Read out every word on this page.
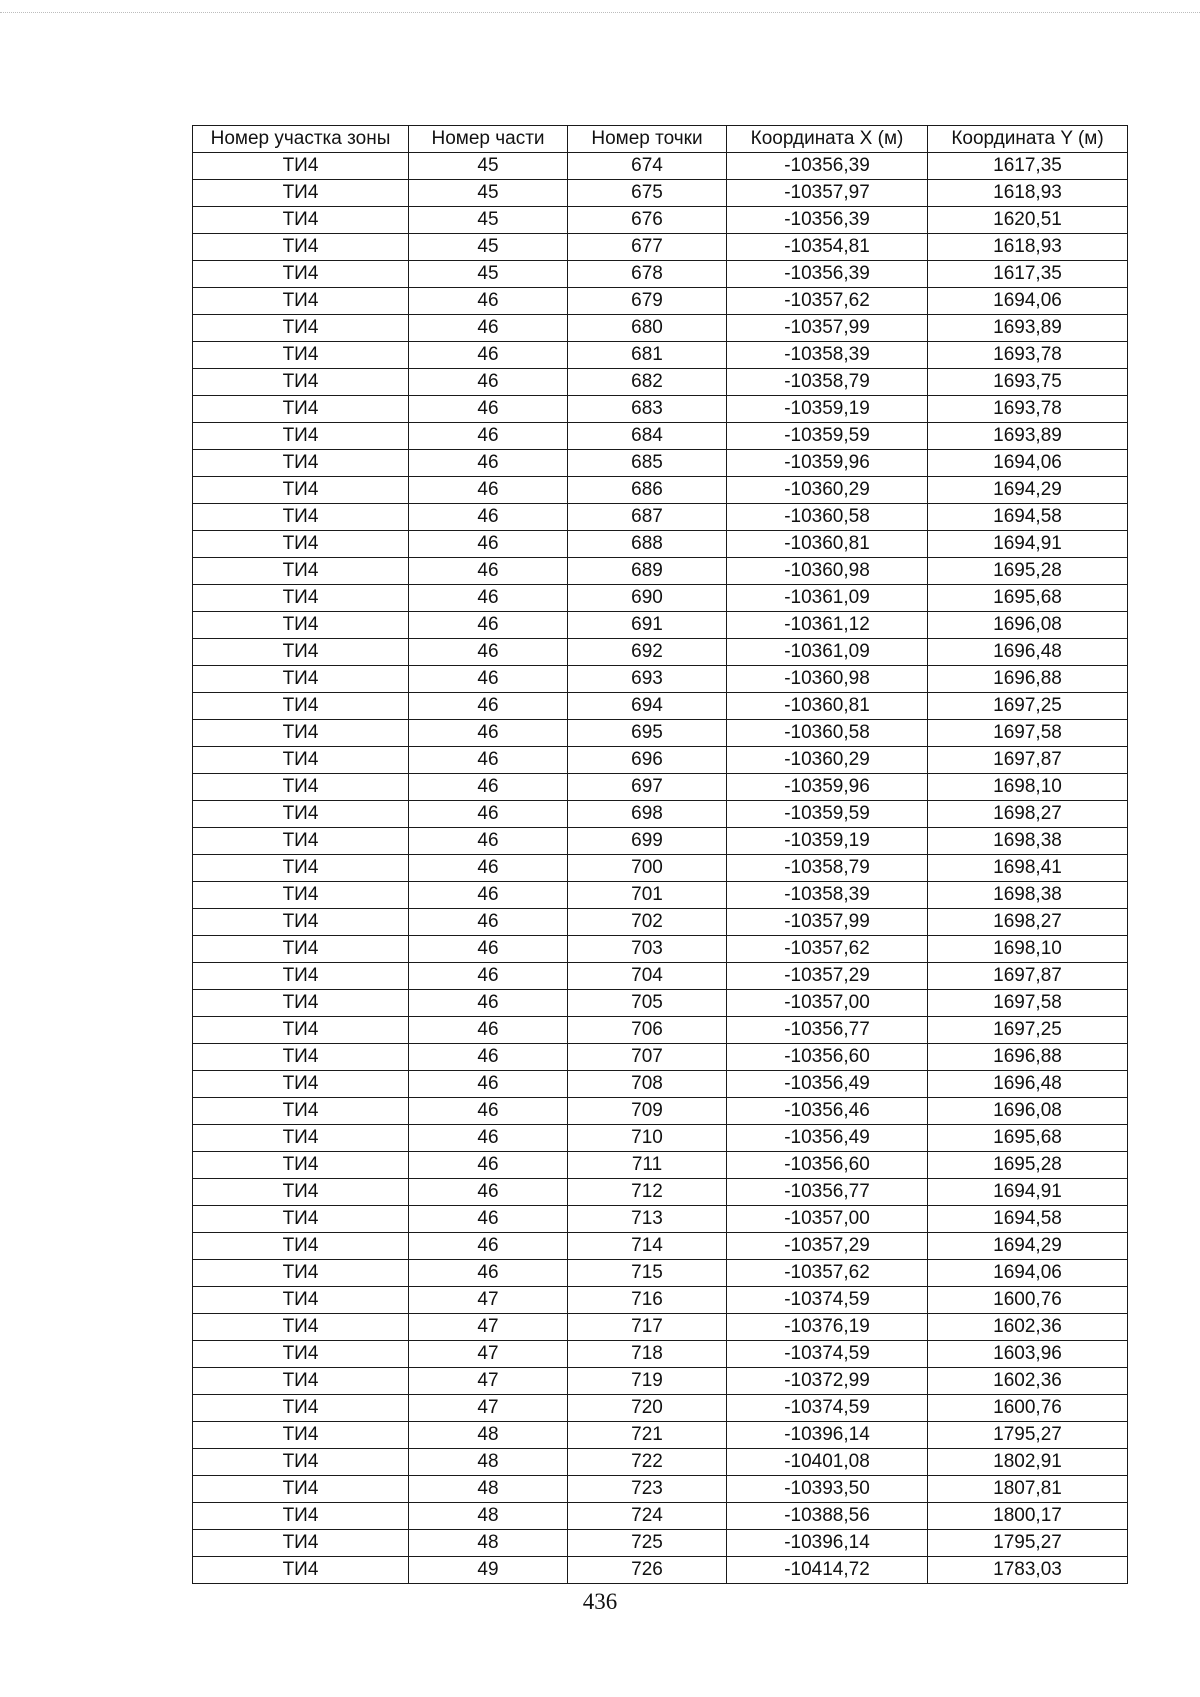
Номер участка зоны	Номер части	Номер точки	Координата X (м)	Координата Y (м)
ТИ4	45	674	-10356,39	1617,35
ТИ4	45	675	-10357,97	1618,93
ТИ4	45	676	-10356,39	1620,51
ТИ4	45	677	-10354,81	1618,93
ТИ4	45	678	-10356,39	1617,35
ТИ4	46	679	-10357,62	1694,06
ТИ4	46	680	-10357,99	1693,89
ТИ4	46	681	-10358,39	1693,78
ТИ4	46	682	-10358,79	1693,75
ТИ4	46	683	-10359,19	1693,78
ТИ4	46	684	-10359,59	1693,89
ТИ4	46	685	-10359,96	1694,06
ТИ4	46	686	-10360,29	1694,29
ТИ4	46	687	-10360,58	1694,58
ТИ4	46	688	-10360,81	1694,91
ТИ4	46	689	-10360,98	1695,28
ТИ4	46	690	-10361,09	1695,68
ТИ4	46	691	-10361,12	1696,08
ТИ4	46	692	-10361,09	1696,48
ТИ4	46	693	-10360,98	1696,88
ТИ4	46	694	-10360,81	1697,25
ТИ4	46	695	-10360,58	1697,58
ТИ4	46	696	-10360,29	1697,87
ТИ4	46	697	-10359,96	1698,10
ТИ4	46	698	-10359,59	1698,27
ТИ4	46	699	-10359,19	1698,38
ТИ4	46	700	-10358,79	1698,41
ТИ4	46	701	-10358,39	1698,38
ТИ4	46	702	-10357,99	1698,27
ТИ4	46	703	-10357,62	1698,10
ТИ4	46	704	-10357,29	1697,87
ТИ4	46	705	-10357,00	1697,58
ТИ4	46	706	-10356,77	1697,25
ТИ4	46	707	-10356,60	1696,88
ТИ4	46	708	-10356,49	1696,48
ТИ4	46	709	-10356,46	1696,08
ТИ4	46	710	-10356,49	1695,68
ТИ4	46	711	-10356,60	1695,28
ТИ4	46	712	-10356,77	1694,91
ТИ4	46	713	-10357,00	1694,58
ТИ4	46	714	-10357,29	1694,29
ТИ4	46	715	-10357,62	1694,06
ТИ4	47	716	-10374,59	1600,76
ТИ4	47	717	-10376,19	1602,36
ТИ4	47	718	-10374,59	1603,96
ТИ4	47	719	-10372,99	1602,36
ТИ4	47	720	-10374,59	1600,76
ТИ4	48	721	-10396,14	1795,27
ТИ4	48	722	-10401,08	1802,91
ТИ4	48	723	-10393,50	1807,81
ТИ4	48	724	-10388,56	1800,17
ТИ4	48	725	-10396,14	1795,27
ТИ4	49	726	-10414,72	1783,03
436
